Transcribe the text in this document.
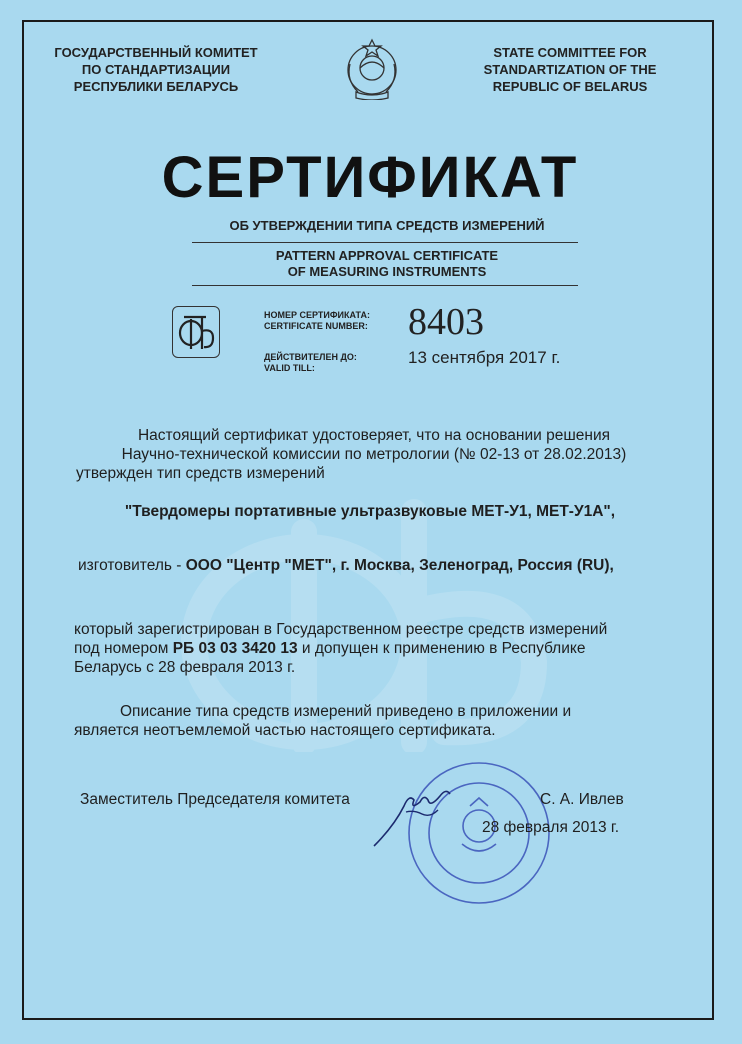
ГОСУДАРСТВЕННЫЙ КОМИТЕТ
ПО СТАНДАРТИЗАЦИИ
РЕСПУБЛИКИ БЕЛАРУСЬ
STATE COMMITTEE FOR
STANDARTIZATION OF THE
REPUBLIC OF BELARUS
СЕРТИФИКАТ
ОБ УТВЕРЖДЕНИИ ТИПА СРЕДСТВ ИЗМЕРЕНИЙ
PATTERN APPROVAL CERTIFICATE
OF MEASURING INSTRUMENTS
НОМЕР СЕРТИФИКАТА:
CERTIFICATE NUMBER: 8403
ДЕЙСТВИТЕЛЕН ДО:
VALID TILL:
13 сентября 2017 г.
Настоящий сертификат удостоверяет, что на основании решения
Научно-технической комиссии по метрологии (№ 02-13 от 28.02.2013)
утвержден тип средств измерений
"Твердомеры портативные ультразвуковые МЕТ-У1, МЕТ-У1А",
изготовитель - ООО "Центр "МЕТ", г. Москва, Зеленоград, Россия (RU),
который зарегистрирован в Государственном реестре средств измерений
под номером РБ 03 03 3420 13 и допущен к применению в Республике
Беларусь с 28 февраля 2013 г.
Описание типа средств измерений приведено в приложении и
является неотъемлемой частью настоящего сертификата.
Заместитель Председателя комитета	С. А. Ивлев
28 февраля 2013 г.
